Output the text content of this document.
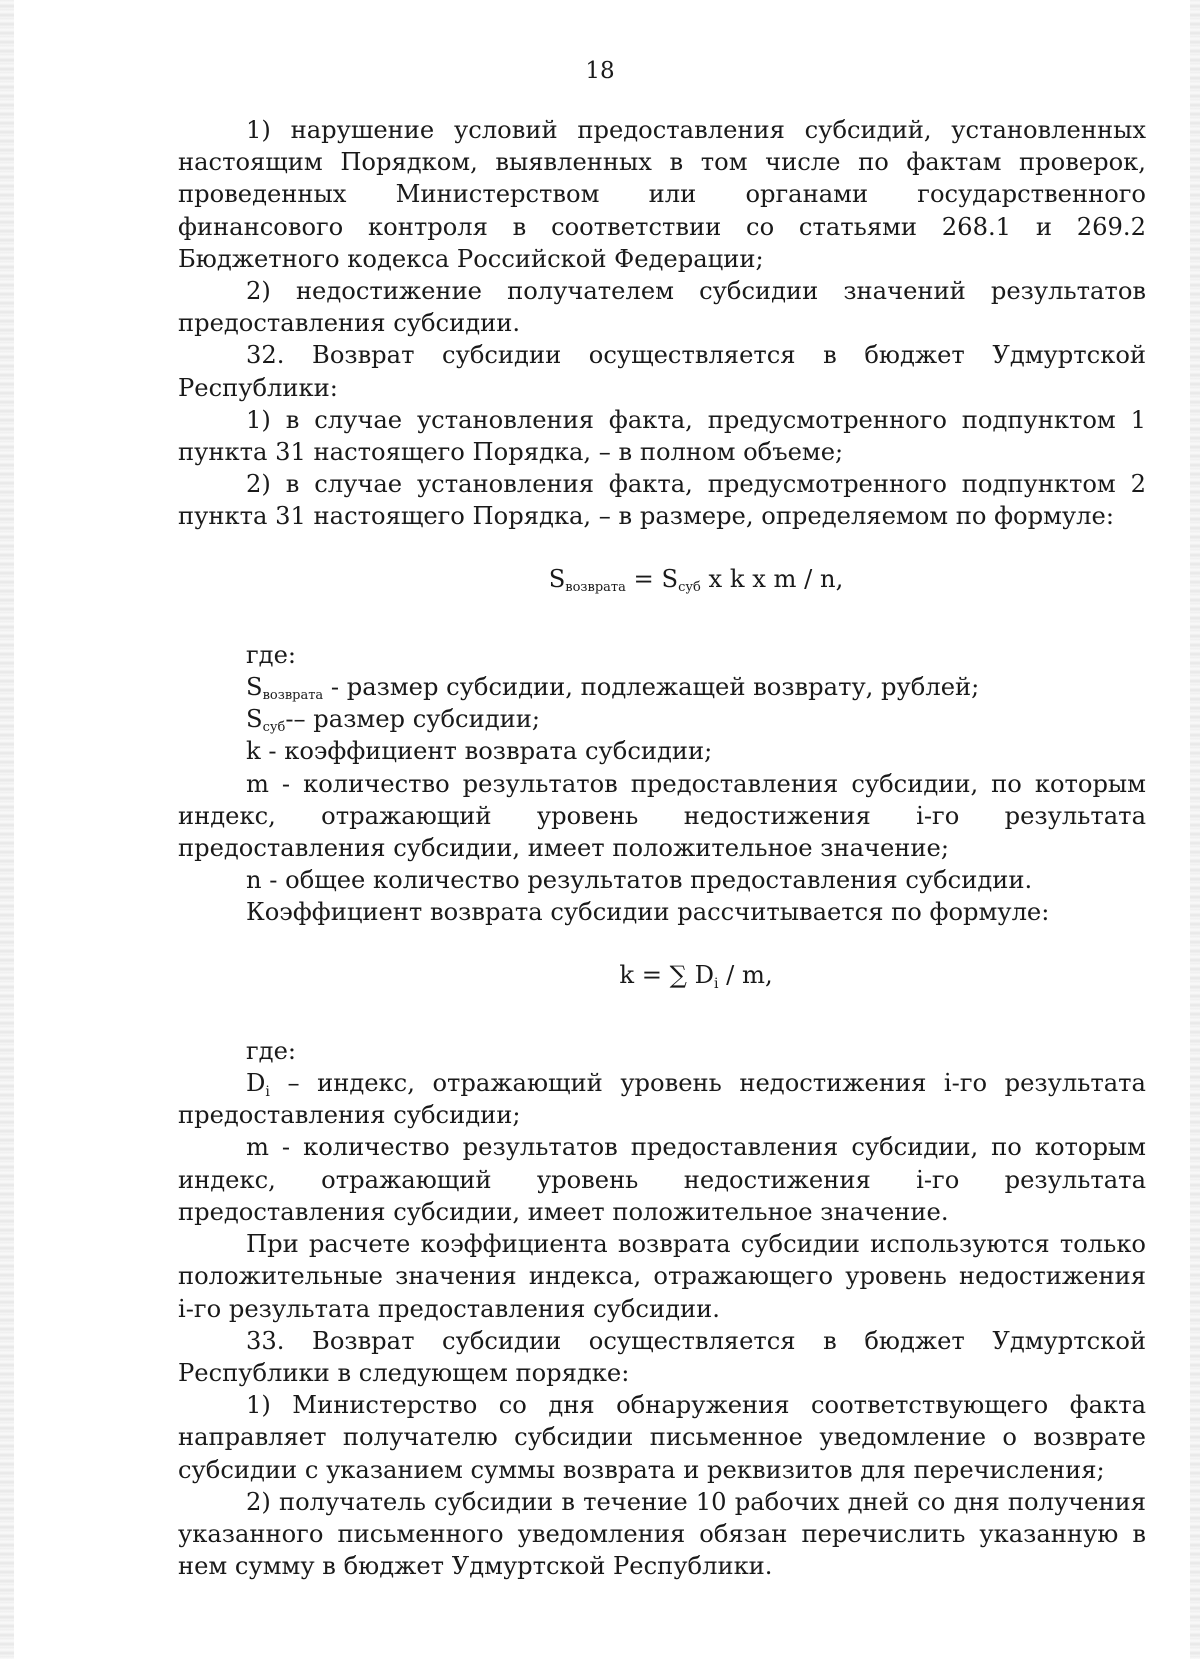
18

1) нарушение условий предоставления субсидий, установленных настоящим Порядком, выявленных в том числе по фактам проверок, проведенных Министерством или органами государственного финансового контроля в соответствии со статьями 268.1 и 269.2 Бюджетного кодекса Российской Федерации;

2) недостижение получателем субсидии значений результатов предоставления субсидии.

32. Возврат субсидии осуществляется в бюджет Удмуртской Республики:

1) в случае установления факта, предусмотренного подпунктом 1 пункта 31 настоящего Порядка, – в полном объеме;

2) в случае установления факта, предусмотренного подпунктом 2 пункта 31 настоящего Порядка, – в размере, определяемом по формуле:

$S_{возврата} = S_{суб}$ x k x m / n,

где:

$S_{возврата}$ - размер субсидии, подлежащей возврату, рублей;

$S_{суб}--$ размер субсидии;

k - коэффициент возврата субсидии;

m - количество результатов предоставления субсидии, по которым индекс, отражающий уровень недостижения i-го результата предоставления субсидии, имеет положительное значение;

n - общее количество результатов предоставления субсидии.

Коэффициент возврата субсидии рассчитывается по формуле:

k = ∑ $D_i$ / m,

где:

$D_i$ – индекс, отражающий уровень недостижения i-го результата предоставления субсидии;

m - количество результатов предоставления субсидии, по которым индекс, отражающий уровень недостижения i-го результата предоставления субсидии, имеет положительное значение.

При расчете коэффициента возврата субсидии используются только положительные значения индекса, отражающего уровень недостижения i-го результата предоставления субсидии.

33. Возврат субсидии осуществляется в бюджет Удмуртской Республики в следующем порядке:

1) Министерство со дня обнаружения соответствующего факта направляет получателю субсидии письменное уведомление о возврате субсидии с указанием суммы возврата и реквизитов для перечисления;

2) получатель субсидии в течение 10 рабочих дней со дня получения указанного письменного уведомления обязан перечислить указанную в нем сумму в бюджет Удмуртской Республики.
